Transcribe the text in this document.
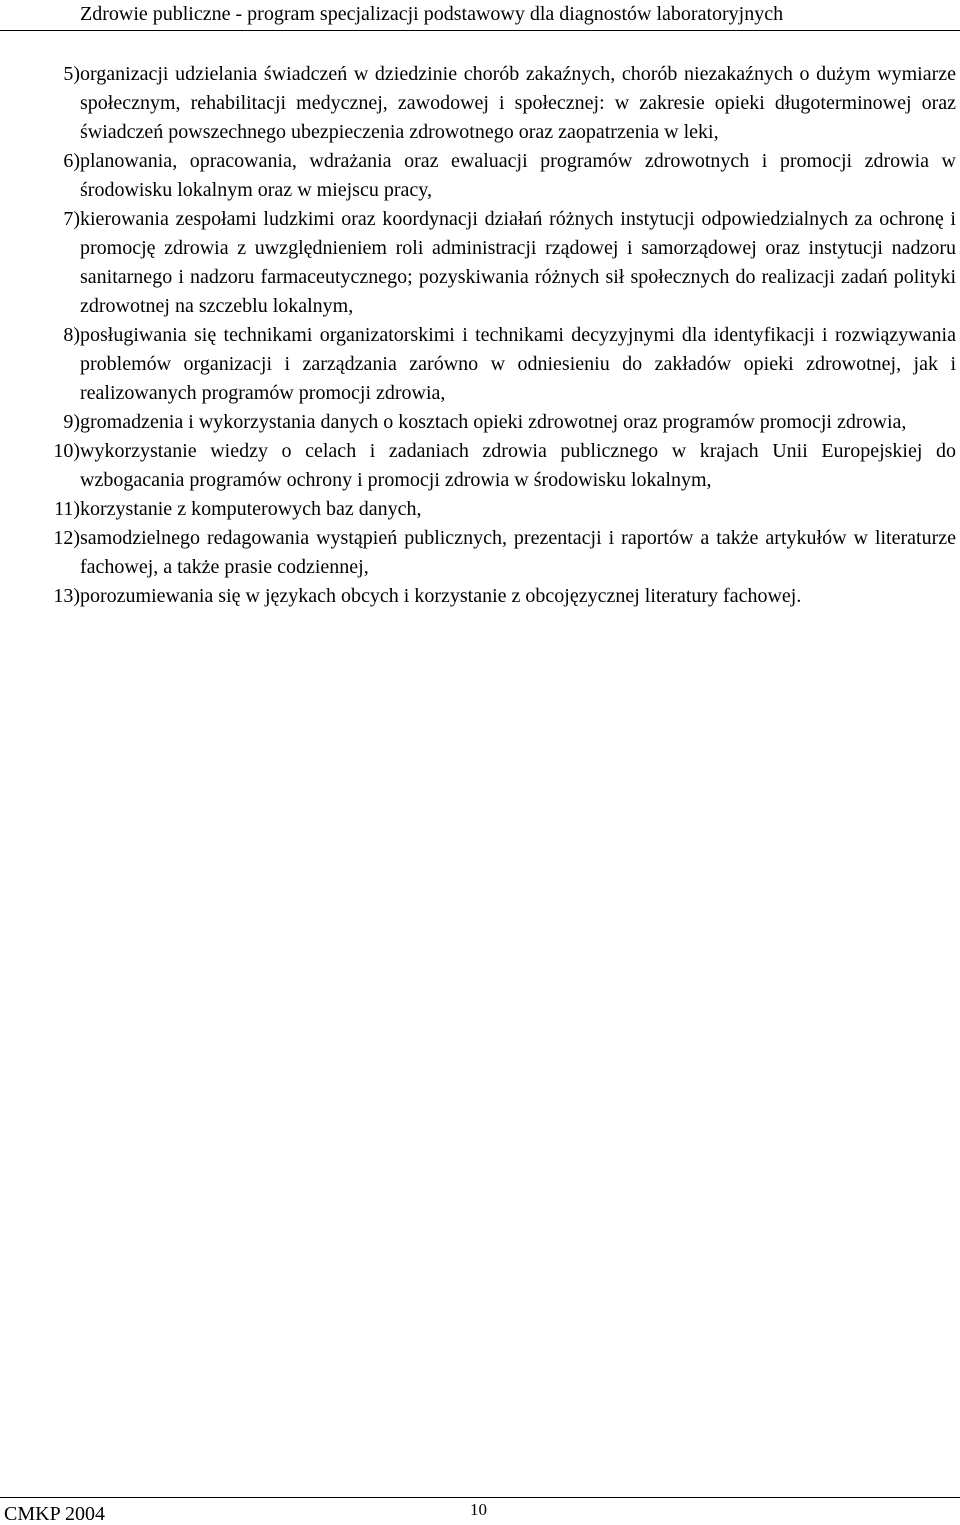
Zdrowie publiczne - program specjalizacji podstawowy dla diagnostów laboratoryjnych
5) organizacji udzielania świadczeń w dziedzinie chorób zakaźnych, chorób niezakaźnych o dużym wymiarze społecznym, rehabilitacji medycznej, zawodowej i społecznej: w zakresie opieki długoterminowej oraz świadczeń powszechnego ubezpieczenia zdrowotnego oraz zaopatrzenia w leki,
6) planowania, opracowania, wdrażania oraz ewaluacji programów zdrowotnych i promocji zdrowia w środowisku lokalnym oraz w miejscu pracy,
7) kierowania zespołami ludzkimi oraz koordynacji działań różnych instytucji odpowiedzialnych za ochronę i promocję zdrowia z uwzględnieniem roli administracji rządowej i samorządowej oraz instytucji nadzoru sanitarnego i nadzoru farmaceutycznego; pozyskiwania różnych sił społecznych do realizacji zadań polityki zdrowotnej na szczeblu lokalnym,
8) posługiwania się technikami organizatorskimi i technikami decyzyjnymi dla identyfikacji i rozwiązywania problemów organizacji i zarządzania zarówno w odniesieniu do zakładów opieki zdrowotnej, jak i realizowanych programów promocji zdrowia,
9) gromadzenia i wykorzystania danych o kosztach opieki zdrowotnej oraz programów promocji zdrowia,
10) wykorzystanie wiedzy o celach i zadaniach zdrowia publicznego w krajach Unii Europejskiej do wzbogacania programów ochrony i promocji zdrowia w środowisku lokalnym,
11) korzystanie z komputerowych baz danych,
12) samodzielnego redagowania wystąpień publicznych, prezentacji i raportów a także artykułów w literaturze fachowej, a także prasie codziennej,
13) porozumiewania się w językach obcych i korzystanie z obcojęzycznej literatury fachowej.
CMKP 2004	10
